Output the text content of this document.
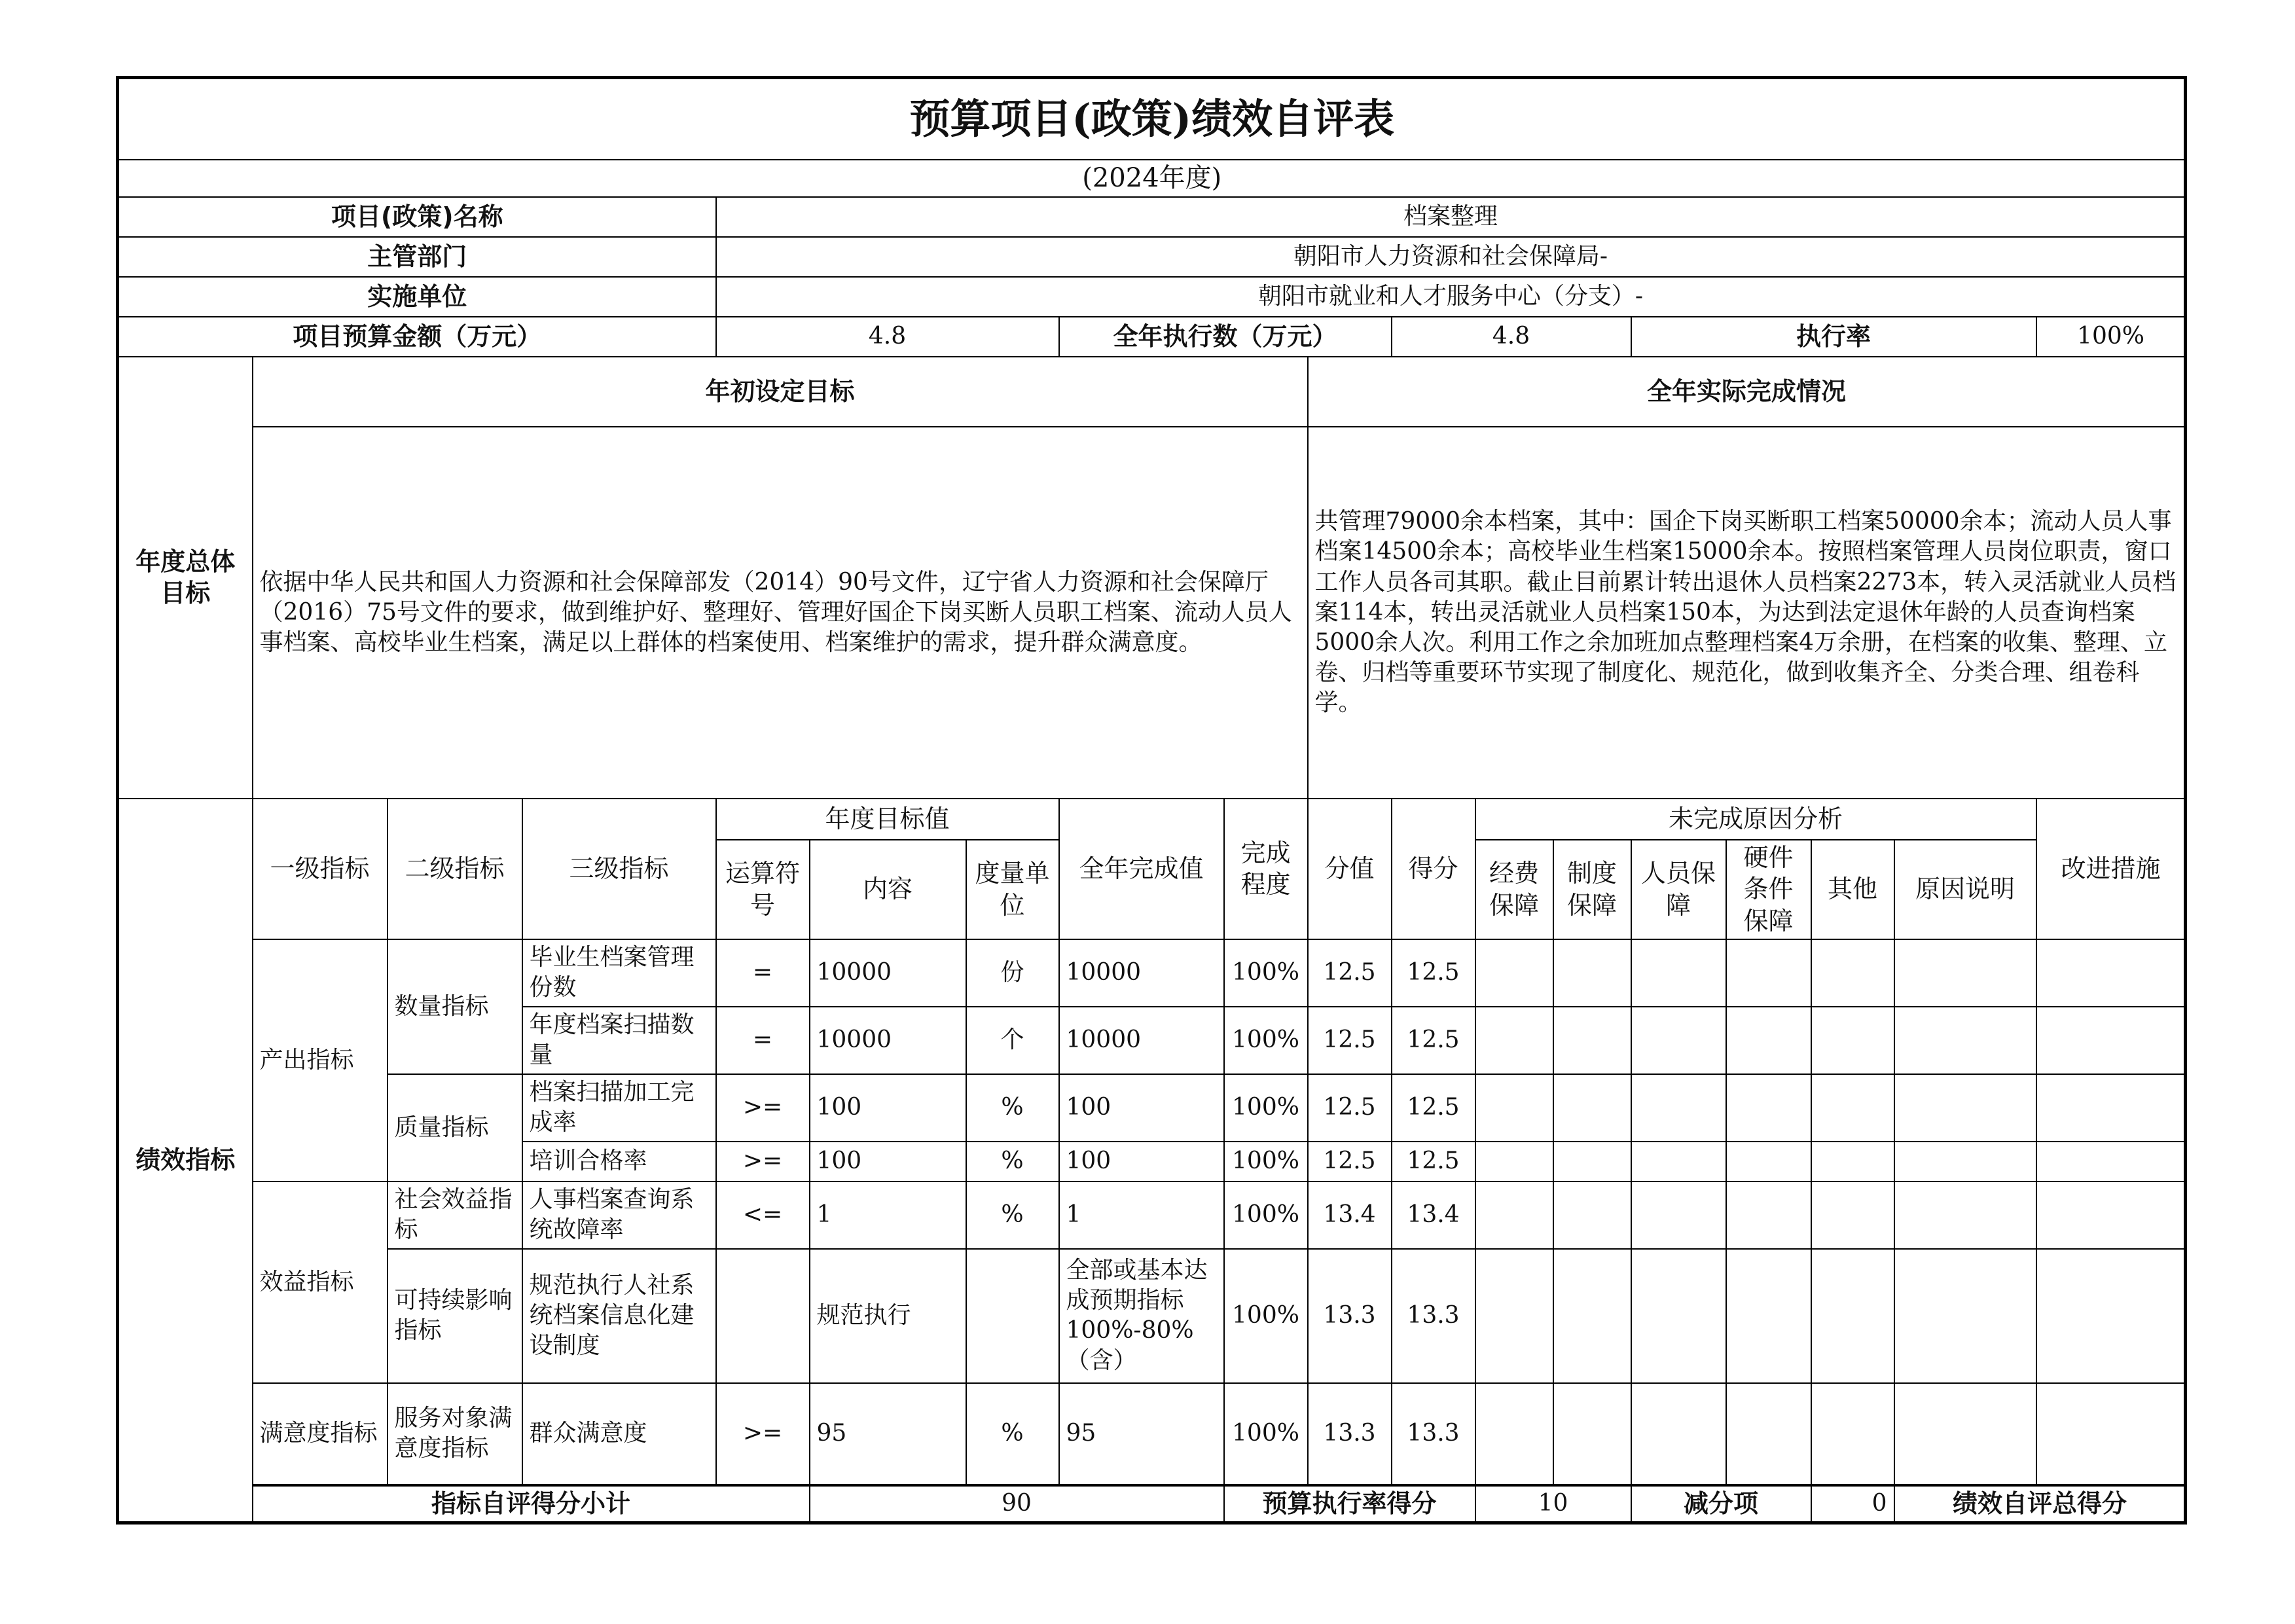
预算项目(政策)绩效自评表																		
(2024年度)																		
项目(政策)名称				档案整理														
主管部门				朝阳市人力资源和社会保障局-														
实施单位				朝阳市就业和人才服务中心（分支）-														
项目预算金额（万元）				4.8			全年执行数（万元）			4.8			执行率				100%	
年度总体目标	年初设定目标								全年实际完成情况									
	依据中华人民共和国人力资源和社会保障部发（2014）90号文件，辽宁省人力资源和社会保障厅（2016）75号文件的要求，做到维护好、整理好、管理好国企下岗买断人员职工档案、流动人员人事档案、高校毕业生档案，满足以上群体的档案使用、档案维护的需求，提升群众满意度。								共管理79000余本档案，其中：国企下岗买断职工档案50000余本；流动人员人事档案14500余本；高校毕业生档案15000余本。按照档案管理人员岗位职责，窗口工作人员各司其职。截止目前累计转出退休人员档案2273本，转入灵活就业人员档案114本，转出灵活就业人员档案150本，为达到法定退休年龄的人员查询档案5000余人次。利用工作之余加班加点整理档案4万余册，在档案的收集、整理、立卷、归档等重要环节实现了制度化、规范化，做到收集齐全、分类合理、组卷科学。									
绩效指标	一级指标	二级指标	三级指标	年度目标值			全年完成值	完成程度	分值	得分	未完成原因分析						改进措施	
				运算符号	内容	度量单位					经费保障	制度保障	人员保障	硬件条件保障	其他	原因说明		
	产出指标	数量指标	毕业生档案管理份数	=	10000	份	10000	100%	12.5	12.5								
			年度档案扫描数量	=	10000	个	10000	100%	12.5	12.5								
		质量指标	档案扫描加工完成率	>=	100	%	100	100%	12.5	12.5								
			培训合格率	>=	100	%	100	100%	12.5	12.5								
	效益指标	社会效益指标	人事档案查询系统故障率	<=	1	%	1	100%	13.4	13.4								
		可持续影响指标	规范执行人社系统档案信息化建设制度		规范执行		全部或基本达成预期指标100%-80%（含）	100%	13.3	13.3								
	满意度指标	服务对象满意度指标	群众满意度	>=	95	%	95	100%	13.3	13.3								
	指标自评得分小计				90			预算执行率得分			10		减分项		0	绩效自评总得分	
